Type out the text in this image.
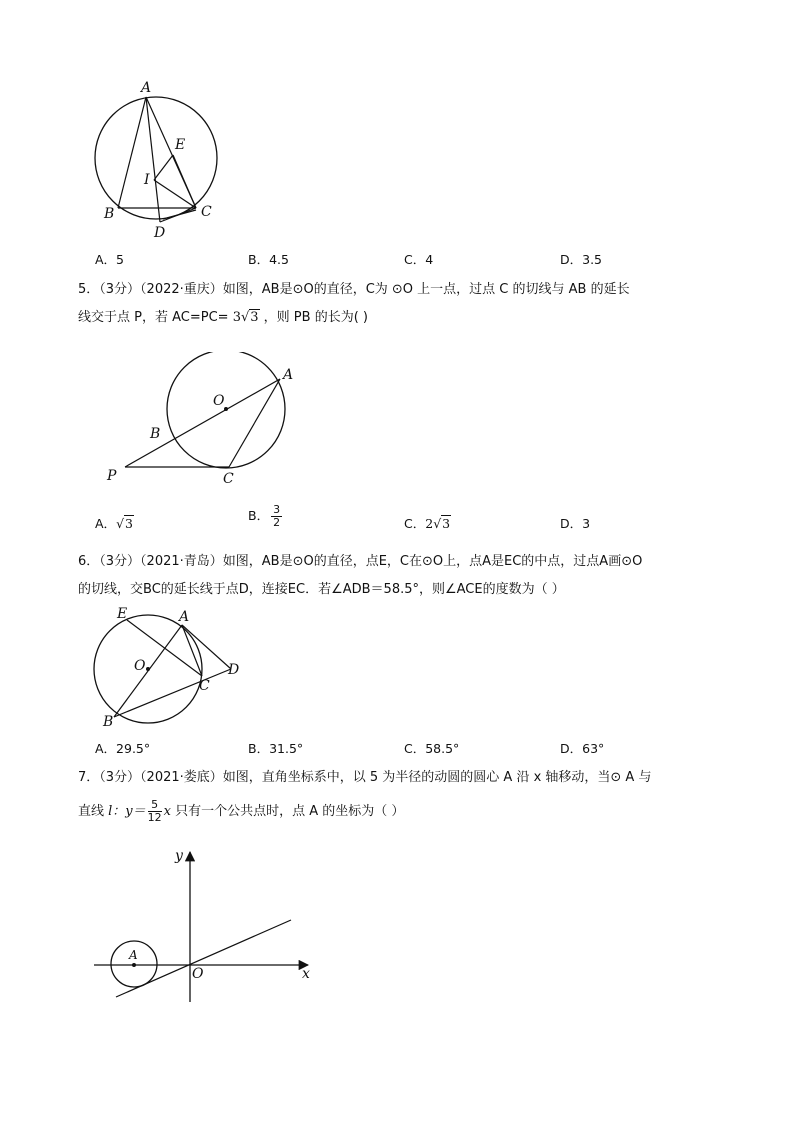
A
E
I
B	C
D
A．5	B．4.5	C．4	D．3.5
5．（3分）（2022·重庆）如图，AB是⊙O的直径，C为 ⊙O 上一点，过点 C 的切线与 AB 的延长
线交于点 P，若 AC=PC= 3√3 ，则 PB 的长为( )
A
O
B
P	C
A．√3
B． $\frac{3}{2}$	C．2√3	D．3
6．（3分）（2021·青岛）如图，AB是⊙O的直径，点E，C在⊙O上，点A是EC的中点，过点A画⊙O
的切线，交BC的延长线于点D，连接EC．若∠ADB＝58.5°，则∠ACE的度数为（ ）
E	A
O	D
C
B
A．29.5°	B．31.5°	C．58.5°	D．63°
7．（3分）（2021·娄底）如图，直角坐标系中，以 5 为半径的动圆的圆心 A 沿 x 轴移动，当⊙ A 与
直线 l：$y= \frac{5}{12}$ x 只有一个公共点时，点 A 的坐标为（ ）
y
x
O
A
